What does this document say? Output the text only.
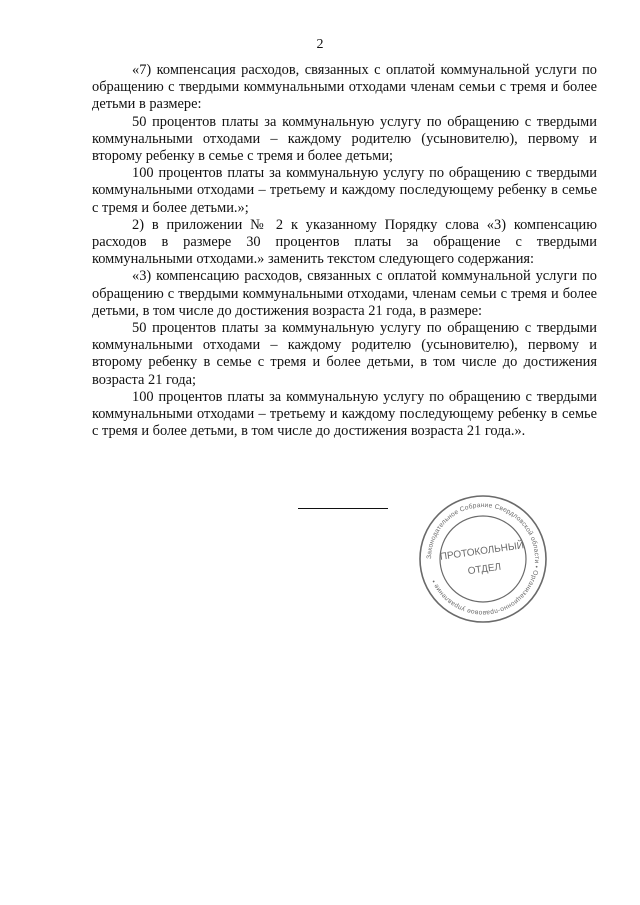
2

«7) компенсация расходов, связанных с оплатой коммунальной услуги по обращению с твердыми коммунальными отходами членам семьи с тремя и более детьми в размере:

50 процентов платы за коммунальную услугу по обращению с твердыми коммунальными отходами – каждому родителю (усыновителю), первому и второму ребенку в семье с тремя и более детьми;

100 процентов платы за коммунальную услугу по обращению с твердыми коммунальными отходами – третьему и каждому последующему ребенку в семье с тремя и более детьми.»;

2) в приложении № 2 к указанному Порядку слова «3) компенсацию расходов в размере 30 процентов платы за обращение с твердыми коммунальными отходами.» заменить текстом следующего содержания:

«3) компенсацию расходов, связанных с оплатой коммунальной услуги по обращению с твердыми коммунальными отходами, членам семьи с тремя и более детьми, в том числе до достижения возраста 21 года, в размере:

50 процентов платы за коммунальную услугу по обращению с твердыми коммунальными отходами – каждому родителю (усыновителю), первому и второму ребенку в семье с тремя и более детьми, в том числе до достижения возраста 21 года;

100 процентов платы за коммунальную услугу по обращению с твердыми коммунальными отходами – третьему и каждому последующему ребенку в семье с тремя и более детьми, в том числе до достижения возраста 21 года.».

Законодательное Собрание Свердловской области • Организационно-правовое управление •
ПРОТОКОЛЬНЫЙ
ОТДЕЛ
